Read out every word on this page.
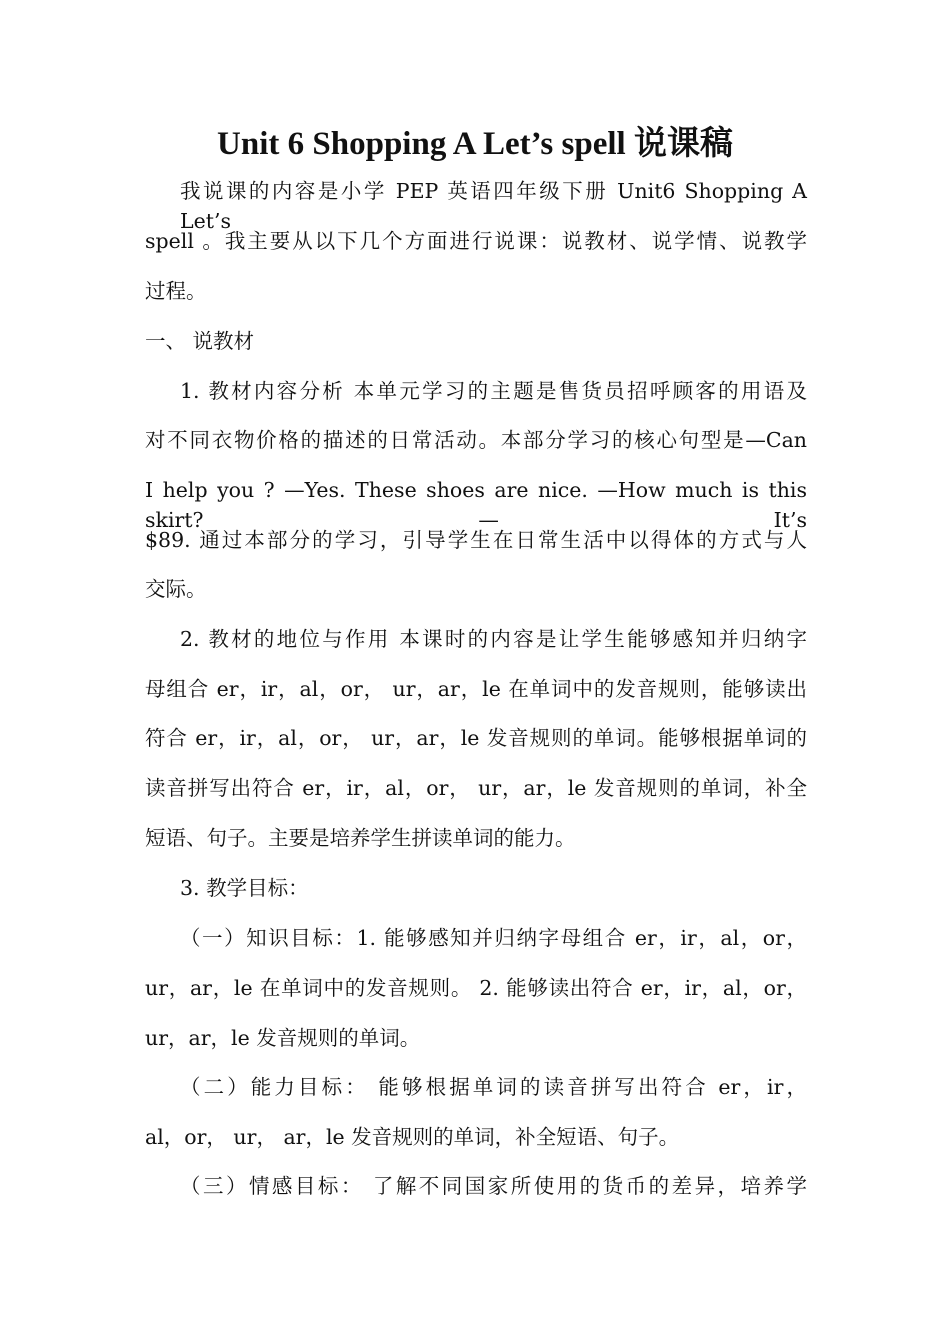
Unit 6 Shopping A Let’s spell 说课稿
我说课的内容是小学 PEP 英语四年级下册 Unit6 Shopping A Let’s
spell 。我主要从以下几个方面进行说课：说教材、说学情、说教学
过程。
一、 说教材
1. 教材内容分析 本单元学习的主题是售货员招呼顾客的用语及
对不同衣物价格的描述的日常活动。本部分学习的核心句型是—Can
I help you ? —Yes. These shoes are nice. —How much is this skirt? — It’s
$89. 通过本部分的学习，引导学生在日常生活中以得体的方式与人
交际。
2. 教材的地位与作用 本课时的内容是让学生能够感知并归纳字
母组合 er，ir，al，or， ur，ar，le 在单词中的发音规则，能够读出
符合 er，ir，al，or， ur，ar，le 发音规则的单词。能够根据单词的
读音拼写出符合 er，ir，al，or， ur，ar，le 发音规则的单词，补全
短语、句子。主要是培养学生拼读单词的能力。
3. 教学目标：
（一）知识目标：1. 能够感知并归纳字母组合 er，ir，al，or，
ur，ar，le 在单词中的发音规则。 2. 能够读出符合 er，ir，al，or，
ur，ar，le 发音规则的单词。
（二）能力目标： 能够根据单词的读音拼写出符合 er，ir，
al，or， ur， ar，le 发音规则的单词，补全短语、句子。
（三）情感目标： 了解不同国家所使用的货币的差异，培养学
